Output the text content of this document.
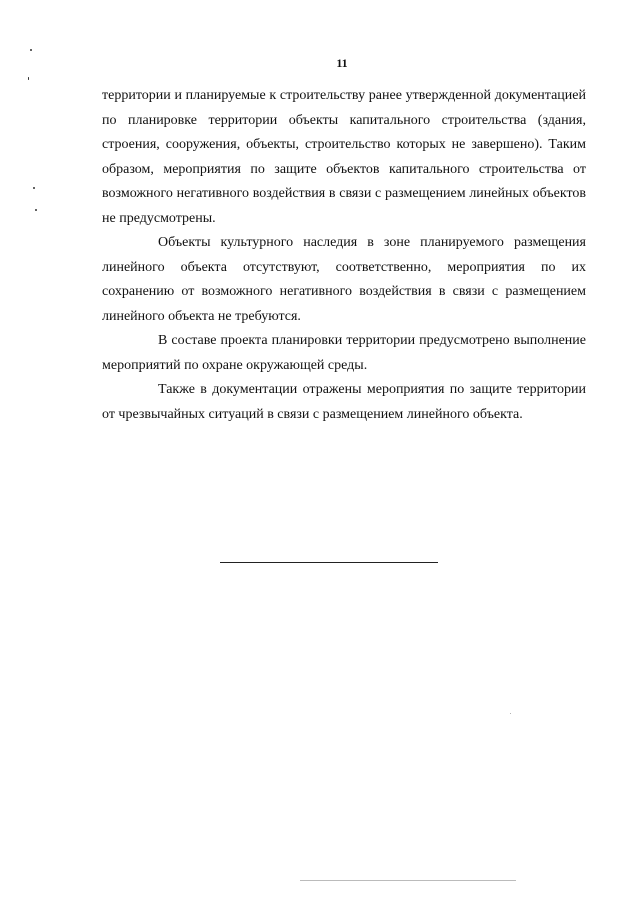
11

территории и планируемые к строительству ранее утвержденной документацией по планировке территории объекты капитального строительства (здания, строения, сооружения, объекты, строительство которых не завершено). Таким образом, мероприятия по защите объектов капитального строительства от возможного негативного воздействия в связи с размещением линейных объектов не предусмотрены.

Объекты культурного наследия в зоне планируемого размещения линейного объекта отсутствуют, соответственно, мероприятия по их сохранению от возможного негативного воздействия в связи с размещением линейного объекта не требуются.

В составе проекта планировки территории предусмотрено выполнение мероприятий по охране окружающей среды.

Также в документации отражены мероприятия по защите территории от чрезвычайных ситуаций в связи с размещением линейного объекта.
